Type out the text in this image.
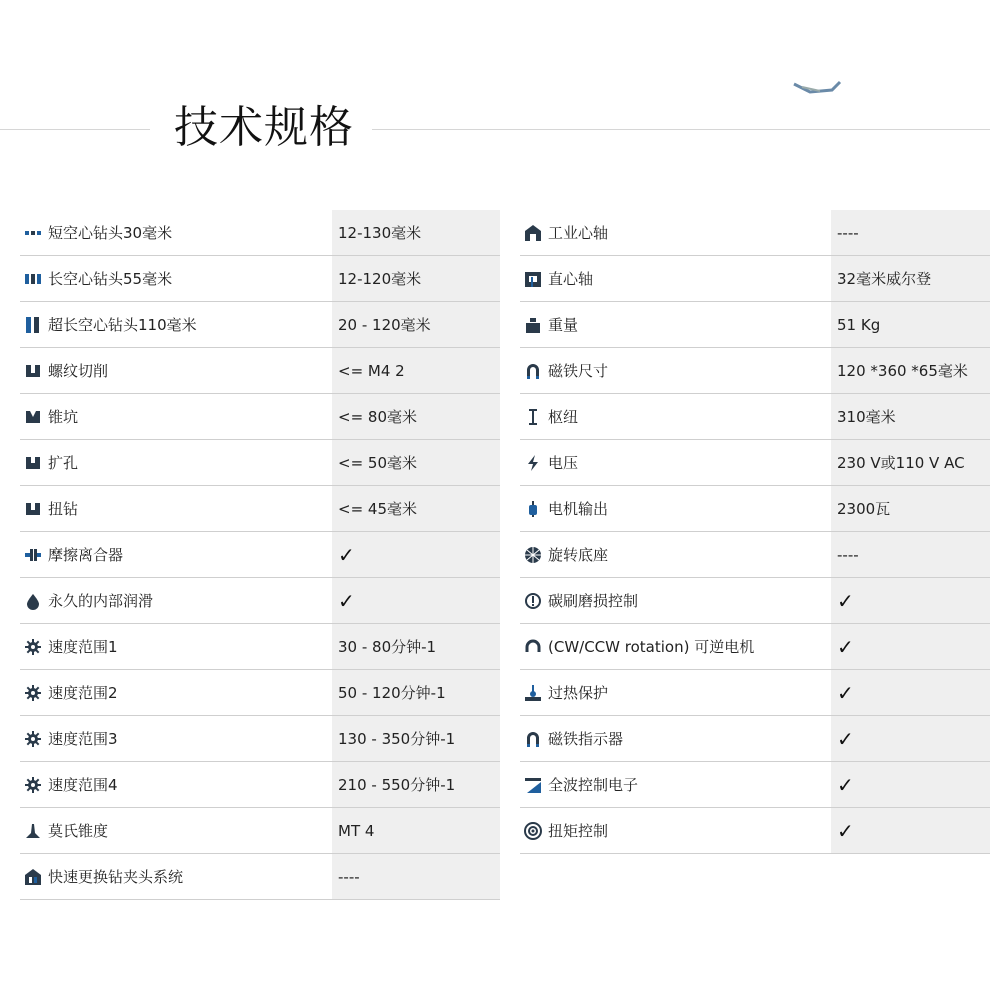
技术规格
短空心钻头30毫米	12-130毫米
长空心钻头55毫米	12-120毫米
超长空心钻头110毫米	20 - 120毫米
螺纹切削	<= M4 2
锥坑	<= 80毫米
扩孔	<= 50毫米
扭钻	<= 45毫米
摩擦离合器	✓
永久的内部润滑	✓
速度范围1	30 - 80分钟-1
速度范围2	50 - 120分钟-1
速度范围3	130 - 350分钟-1
速度范围4	210 - 550分钟-1
莫氏锥度	MT 4
快速更换钻夹头系统	----
工业心轴	----
直心轴	32毫米威尔登
重量	51 Kg
磁铁尺寸	120 *360 *65毫米
枢纽	310毫米
电压	230 V或110 V AC
电机输出	2300瓦
旋转底座	----
碳刷磨损控制	✓
(CW/CCW rotation) 可逆电机	✓
过热保护	✓
磁铁指示器	✓
全波控制电子	✓
扭矩控制	✓
